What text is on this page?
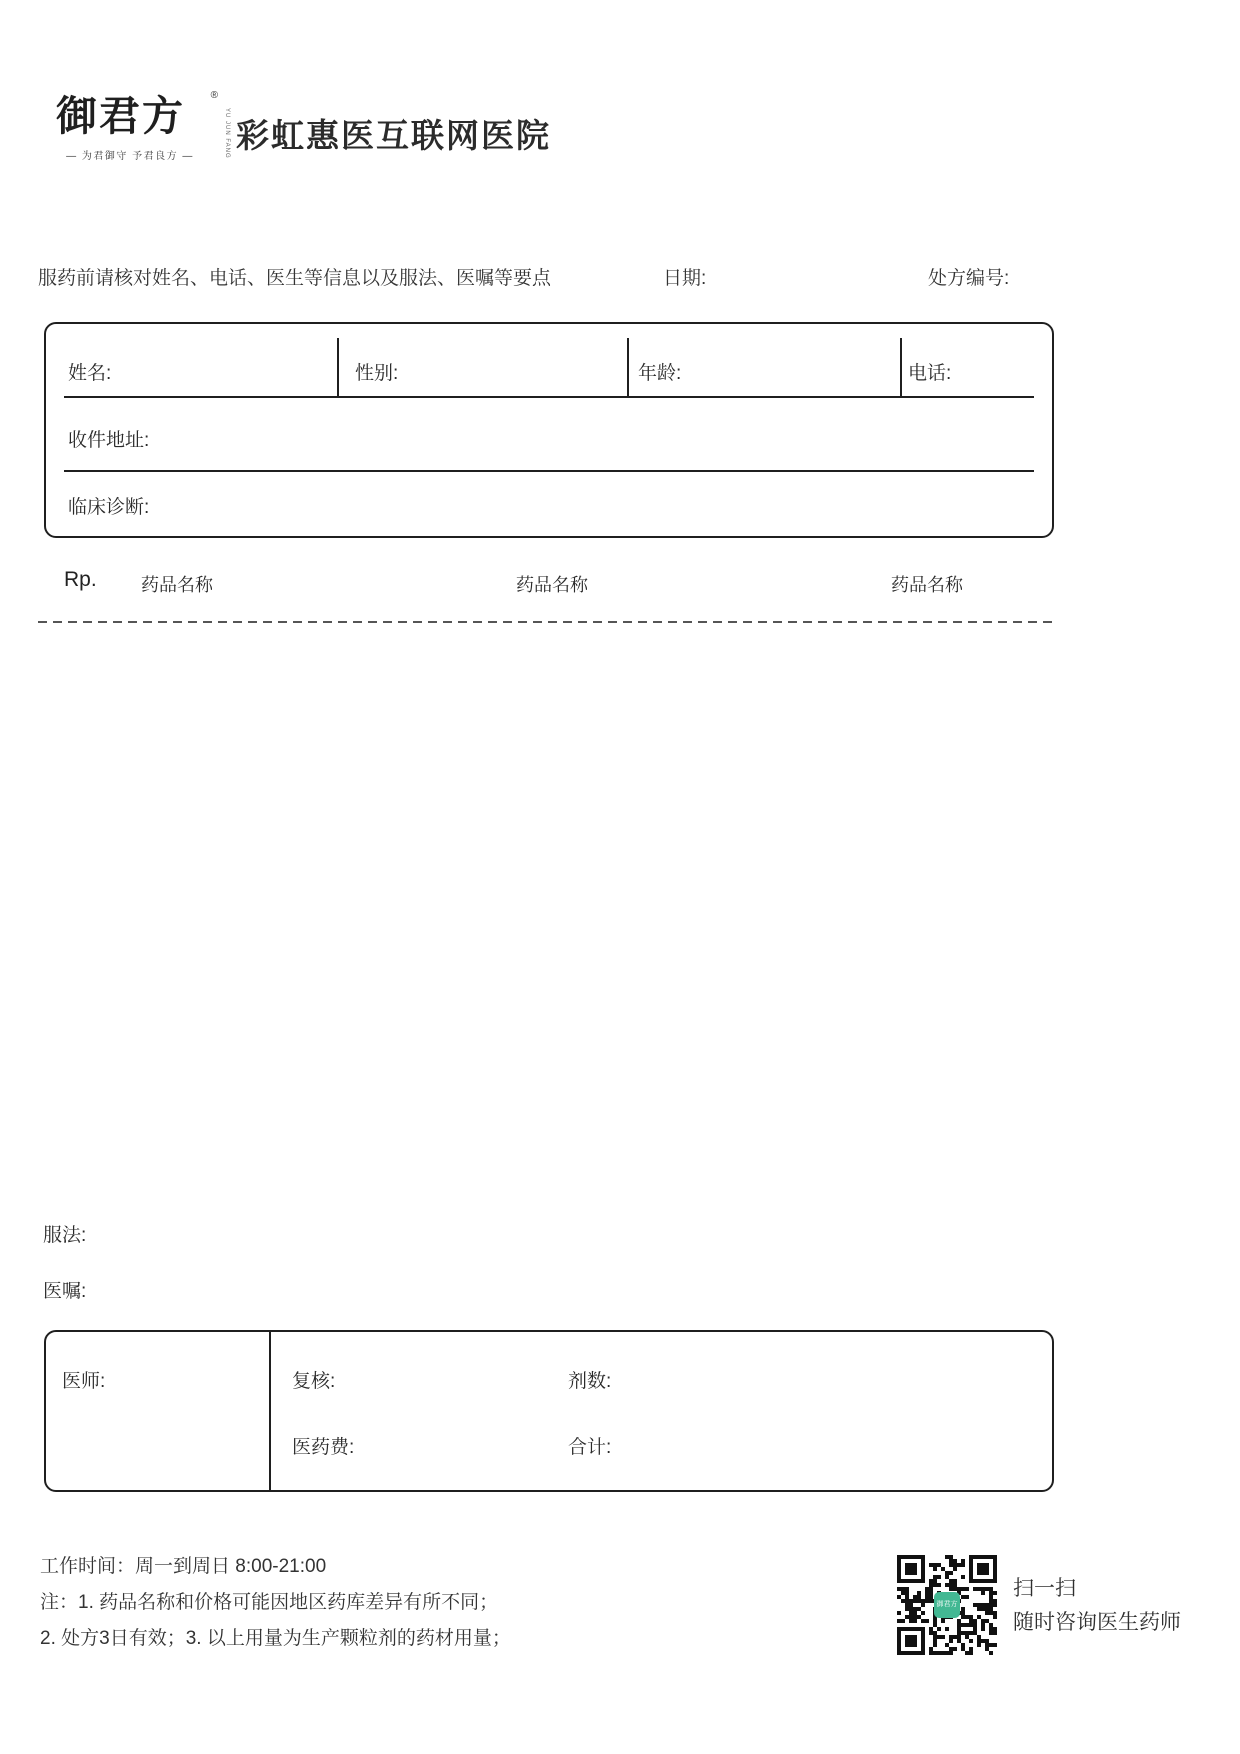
御君方	®
YU JUN FANG
— 为君御守 予君良方 —
彩虹惠医互联网医院
服药前请核对姓名、电话、医生等信息以及服法、医嘱等要点	日期:	处方编号:
姓名:	性别:	年龄:	电话:
收件地址:
临床诊断:
Rp. 药品名称	药品名称	药品名称
服法:
医嘱:
医师:	复核:	剂数:
医药费:	合计:
工作时间：周一到周日 8:00-21:00
注：1. 药品名称和价格可能因地区药库差异有所不同；
2. 处方3日有效；3. 以上用量为生产颗粒剂的药材用量；
御君方
扫一扫
随时咨询医生药师
